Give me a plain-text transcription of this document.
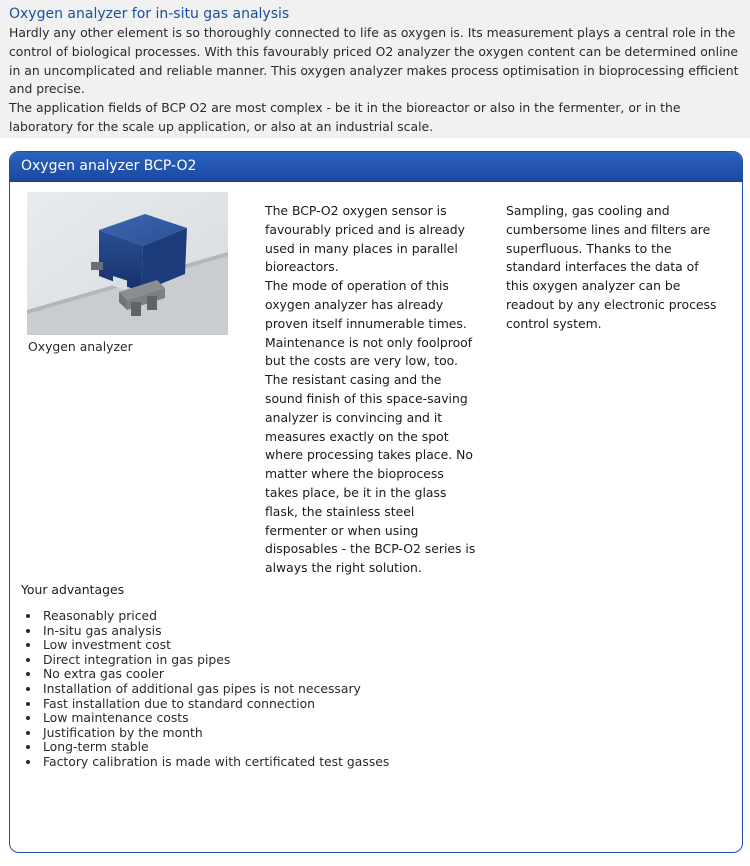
Oxygen analyzer for in-situ gas analysis

Hardly any other element is so thoroughly connected to life as oxygen is. Its measurement plays a central role in the control of biological processes. With this favourably priced O2 analyzer the oxygen content can be determined online in an uncomplicated and reliable manner. This oxygen analyzer makes process optimisation in bioprocessing efficient and precise.

The application fields of BCP O2 are most complex - be it in the bioreactor or also in the fermenter, or in the laboratory for the scale up application, or also at an industrial scale.

Oxygen analyzer BCP-O2
Oxygen analyzer

The BCP-O2 oxygen sensor is favourably priced and is already used in many places in parallel bioreactors.
The mode of operation of this oxygen analyzer has already proven itself innumerable times. Maintenance is not only foolproof but the costs are very low, too. The resistant casing and the sound finish of this space-saving analyzer is convincing and it measures exactly on the spot where processing takes place. No matter where the bioprocess takes place, be it in the glass flask, the stainless steel fermenter or when using disposables - the BCP-O2 series is always the right solution.

Sampling, gas cooling and cumbersome lines and filters are superfluous. Thanks to the standard interfaces the data of this oxygen analyzer can be readout by any electronic process control system.

Your advantages
• Reasonably priced
• In-situ gas analysis
• Low investment cost
• Direct integration in gas pipes
• No extra gas cooler
• Installation of additional gas pipes is not necessary
• Fast installation due to standard connection
• Low maintenance costs
• Justification by the month
• Long-term stable
• Factory calibration is made with certificated test gasses
